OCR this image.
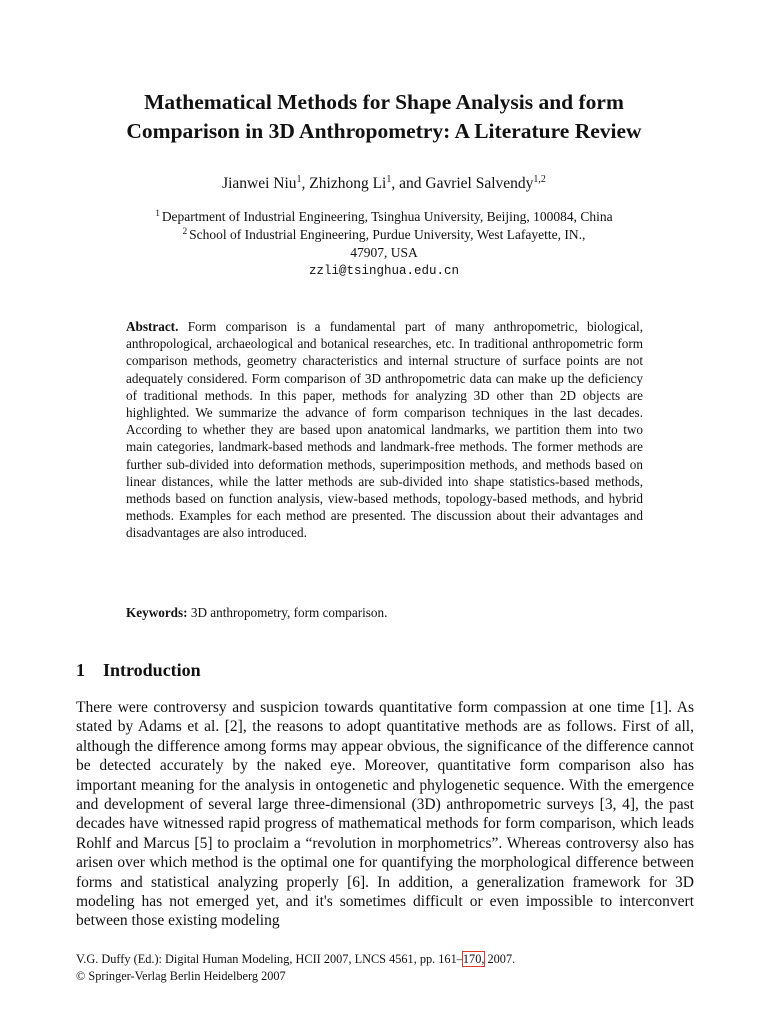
Mathematical Methods for Shape Analysis and form
Comparison in 3D Anthropometry: A Literature Review
Jianwei Niu$^1$, Zhizhong Li$^1$, and Gavriel Salvendy$^{1,2}$
$^1$ Department of Industrial Engineering, Tsinghua University, Beijing, 100084, China
$^2$ School of Industrial Engineering, Purdue University, West Lafayette, IN.,
47907, USA
zzli@tsinghua.edu.cn
Abstract. Form comparison is a fundamental part of many anthropometric, biological, anthropological, archaeological and botanical researches, etc. In traditional anthropometric form comparison methods, geometry characteristics and internal structure of surface points are not adequately considered. Form comparison of 3D anthropometric data can make up the deficiency of traditional methods. In this paper, methods for analyzing 3D other than 2D objects are highlighted. We summarize the advance of form comparison techniques in the last decades. According to whether they are based upon anatomical landmarks, we partition them into two main categories, landmark-based methods and landmark-free methods. The former methods are further sub-divided into deformation methods, superimposition methods, and methods based on linear distances, while the latter methods are sub-divided into shape statistics-based methods, methods based on function analysis, view-based methods, topology-based methods, and hybrid methods. Examples for each method are presented. The discussion about their advantages and disadvantages are also introduced.
Keywords: 3D anthropometry, form comparison.
1 Introduction
There were controversy and suspicion towards quantitative form compassion at one time [1]. As stated by Adams et al. [2], the reasons to adopt quantitative methods are as follows. First of all, although the difference among forms may appear obvious, the significance of the difference cannot be detected accurately by the naked eye. Moreover, quantitative form comparison also has important meaning for the analysis in ontogenetic and phylogenetic sequence. With the emergence and development of several large three-dimensional (3D) anthropometric surveys [3, 4], the past decades have witnessed rapid progress of mathematical methods for form comparison, which leads Rohlf and Marcus [5] to proclaim a “revolution in morphometrics”. Whereas controversy also has arisen over which method is the optimal one for quantifying the morphological difference between forms and statistical analyzing properly [6]. In addition, a generalization framework for 3D modeling has not emerged yet, and it's sometimes difficult or even impossible to interconvert between those existing modeling
V.G. Duffy (Ed.): Digital Human Modeling, HCII 2007, LNCS 4561, pp. 161–170, 2007.
© Springer-Verlag Berlin Heidelberg 2007
